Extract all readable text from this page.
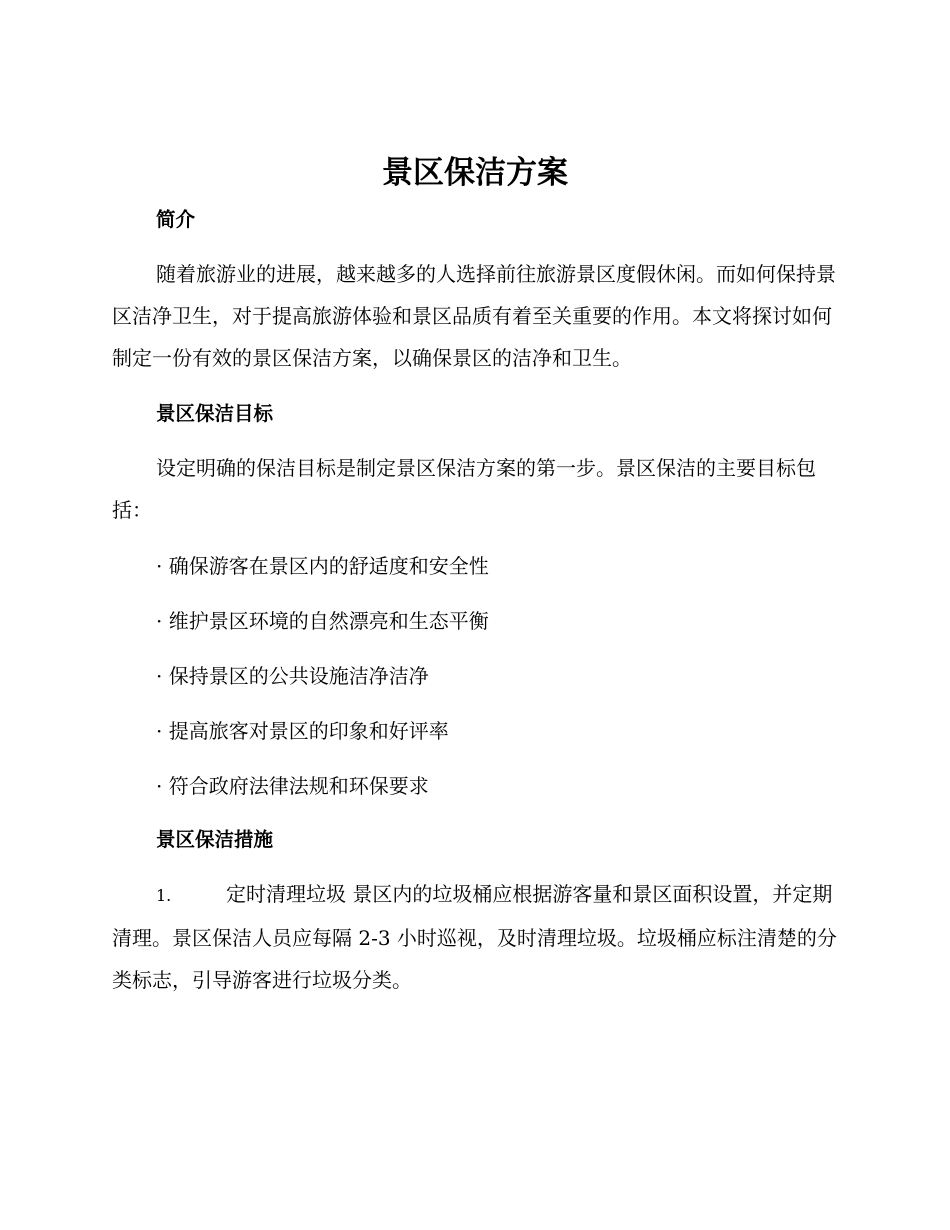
景区保洁方案
简介

随着旅游业的进展，越来越多的人选择前往旅游景区度假休闲。而如何保持景区洁净卫生，对于提高旅游体验和景区品质有着至关重要的作用。本文将探讨如何制定一份有效的景区保洁方案，以确保景区的洁净和卫生。

景区保洁目标

设定明确的保洁目标是制定景区保洁方案的第一步。景区保洁的主要目标包括：

· 确保游客在景区内的舒适度和安全性

· 维护景区环境的自然漂亮和生态平衡

· 保持景区的公共设施洁净洁净

· 提高旅客对景区的印象和好评率

· 符合政府法律法规和环保要求

景区保洁措施

1.	定时清理垃圾 景区内的垃圾桶应根据游客量和景区面积设置，并定期清理。景区保洁人员应每隔 2-3 小时巡视，及时清理垃圾。垃圾桶应标注清楚的分类标志，引导游客进行垃圾分类。
